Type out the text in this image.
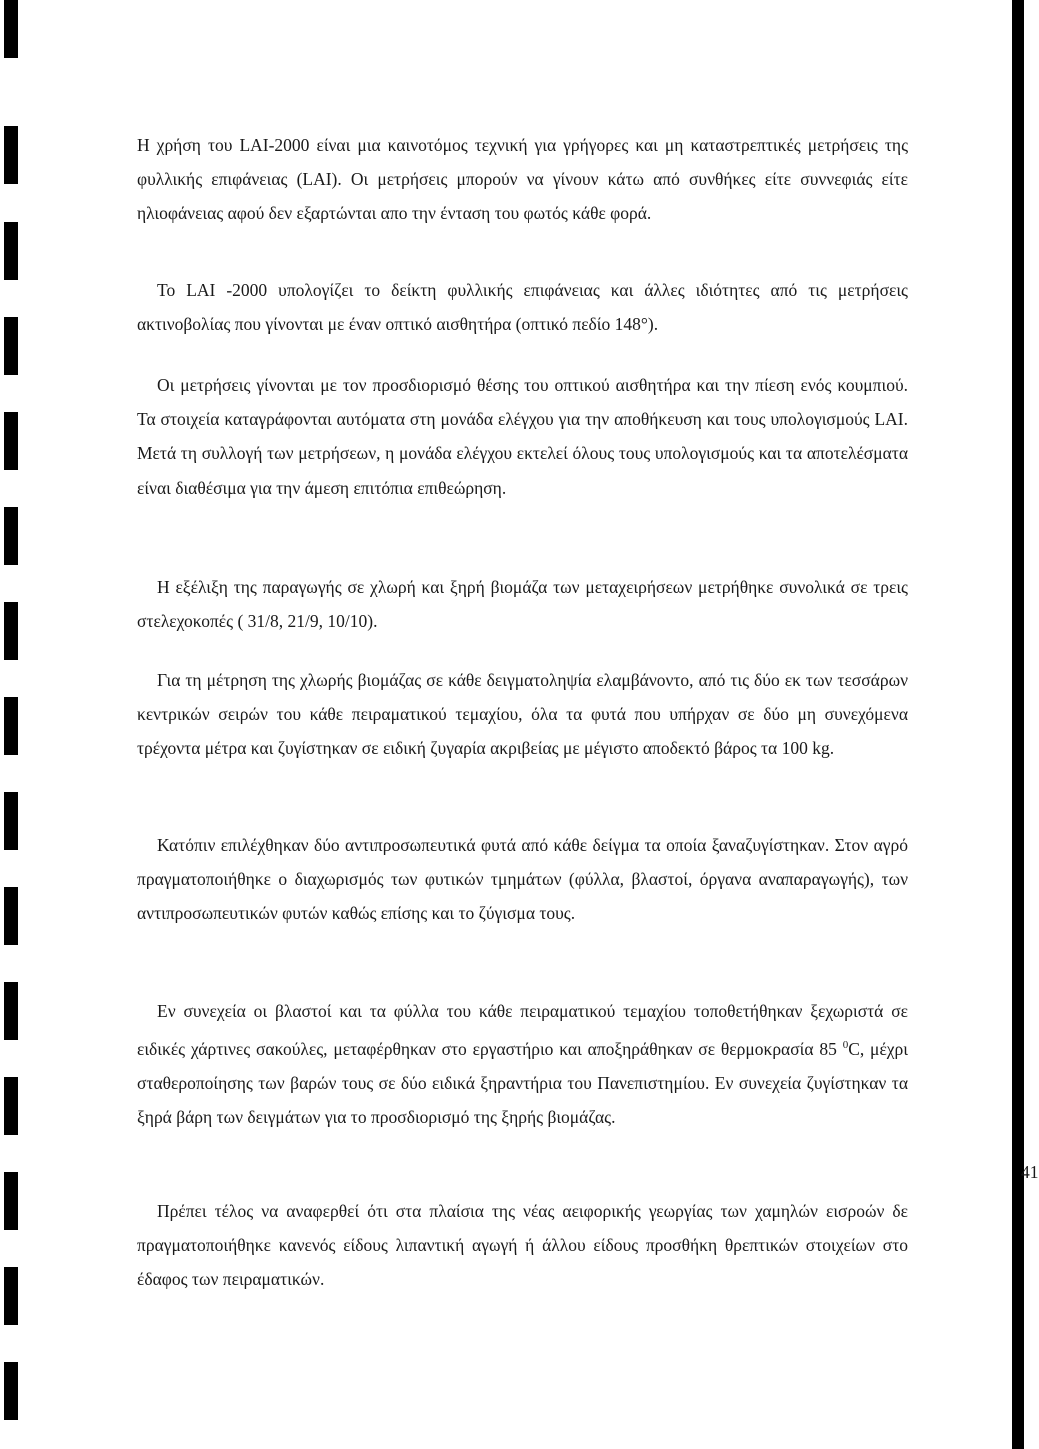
Η χρήση του LAI-2000 είναι μια καινοτόμος τεχνική για γρήγορες και μη καταστρεπτικές μετρήσεις της φυλλικής επιφάνειας (LAI). Οι μετρήσεις μπορούν να γίνουν κάτω από συνθήκες είτε συννεφιάς είτε ηλιοφάνειας αφού δεν εξαρτώνται απο την ένταση του φωτός κάθε φορά.

Το LAI -2000 υπολογίζει το δείκτη φυλλικής επιφάνειας και άλλες ιδιότητες από τις μετρήσεις ακτινοβολίας που γίνονται με έναν οπτικό αισθητήρα (οπτικό πεδίο 148°).

Οι μετρήσεις γίνονται με τον προσδιορισμό θέσης του οπτικού αισθητήρα και την πίεση ενός κουμπιού. Τα στοιχεία καταγράφονται αυτόματα στη μονάδα ελέγχου για την αποθήκευση και τους υπολογισμούς LAI. Μετά τη συλλογή των μετρήσεων, η μονάδα ελέγχου εκτελεί όλους τους υπολογισμούς και τα αποτελέσματα είναι διαθέσιμα για την άμεση επιτόπια επιθεώρηση.

Η εξέλιξη της παραγωγής σε χλωρή και ξηρή βιομάζα των μεταχειρήσεων μετρήθηκε συνολικά σε τρεις στελεχοκοπές ( 31/8, 21/9, 10/10).

Για τη μέτρηση της χλωρής βιομάζας σε κάθε δειγματοληψία ελαμβάνοντο, από τις δύο εκ των τεσσάρων κεντρικών σειρών του κάθε πειραματικού τεμαχίου, όλα τα φυτά που υπήρχαν σε δύο μη συνεχόμενα τρέχοντα μέτρα και ζυγίστηκαν σε ειδική ζυγαρία ακριβείας με μέγιστο αποδεκτό βάρος τα 100 kg.

Κατόπιν επιλέχθηκαν δύο αντιπροσωπευτικά φυτά από κάθε δείγμα τα οποία ξαναζυγίστηκαν. Στον αγρό πραγματοποιήθηκε ο διαχωρισμός των φυτικών τμημάτων (φύλλα, βλαστοί, όργανα αναπαραγωγής), των αντιπροσωπευτικών φυτών καθώς επίσης και το ζύγισμα τους.

Εν συνεχεία οι βλαστοί και τα φύλλα του κάθε πειραματικού τεμαχίου τοποθετήθηκαν ξεχωριστά σε ειδικές χάρτινες σακούλες, μεταφέρθηκαν στο εργαστήριο και αποξηράθηκαν σε θερμοκρασία 85 $^0$C, μέχρι σταθεροποίησης των βαρών τους σε δύο ειδικά ξηραντήρια του Πανεπιστημίου. Εν συνεχεία ζυγίστηκαν τα ξηρά βάρη των δειγμάτων για το προσδιορισμό της ξηρής βιομάζας.

Πρέπει τέλος να αναφερθεί ότι στα πλαίσια της νέας αειφορικής γεωργίας των χαμηλών εισροών δε πραγματοποιήθηκε κανενός είδους λιπαντική αγωγή ή άλλου είδους προσθήκη θρεπτικών στοιχείων στο έδαφος των πειραματικών.

41
